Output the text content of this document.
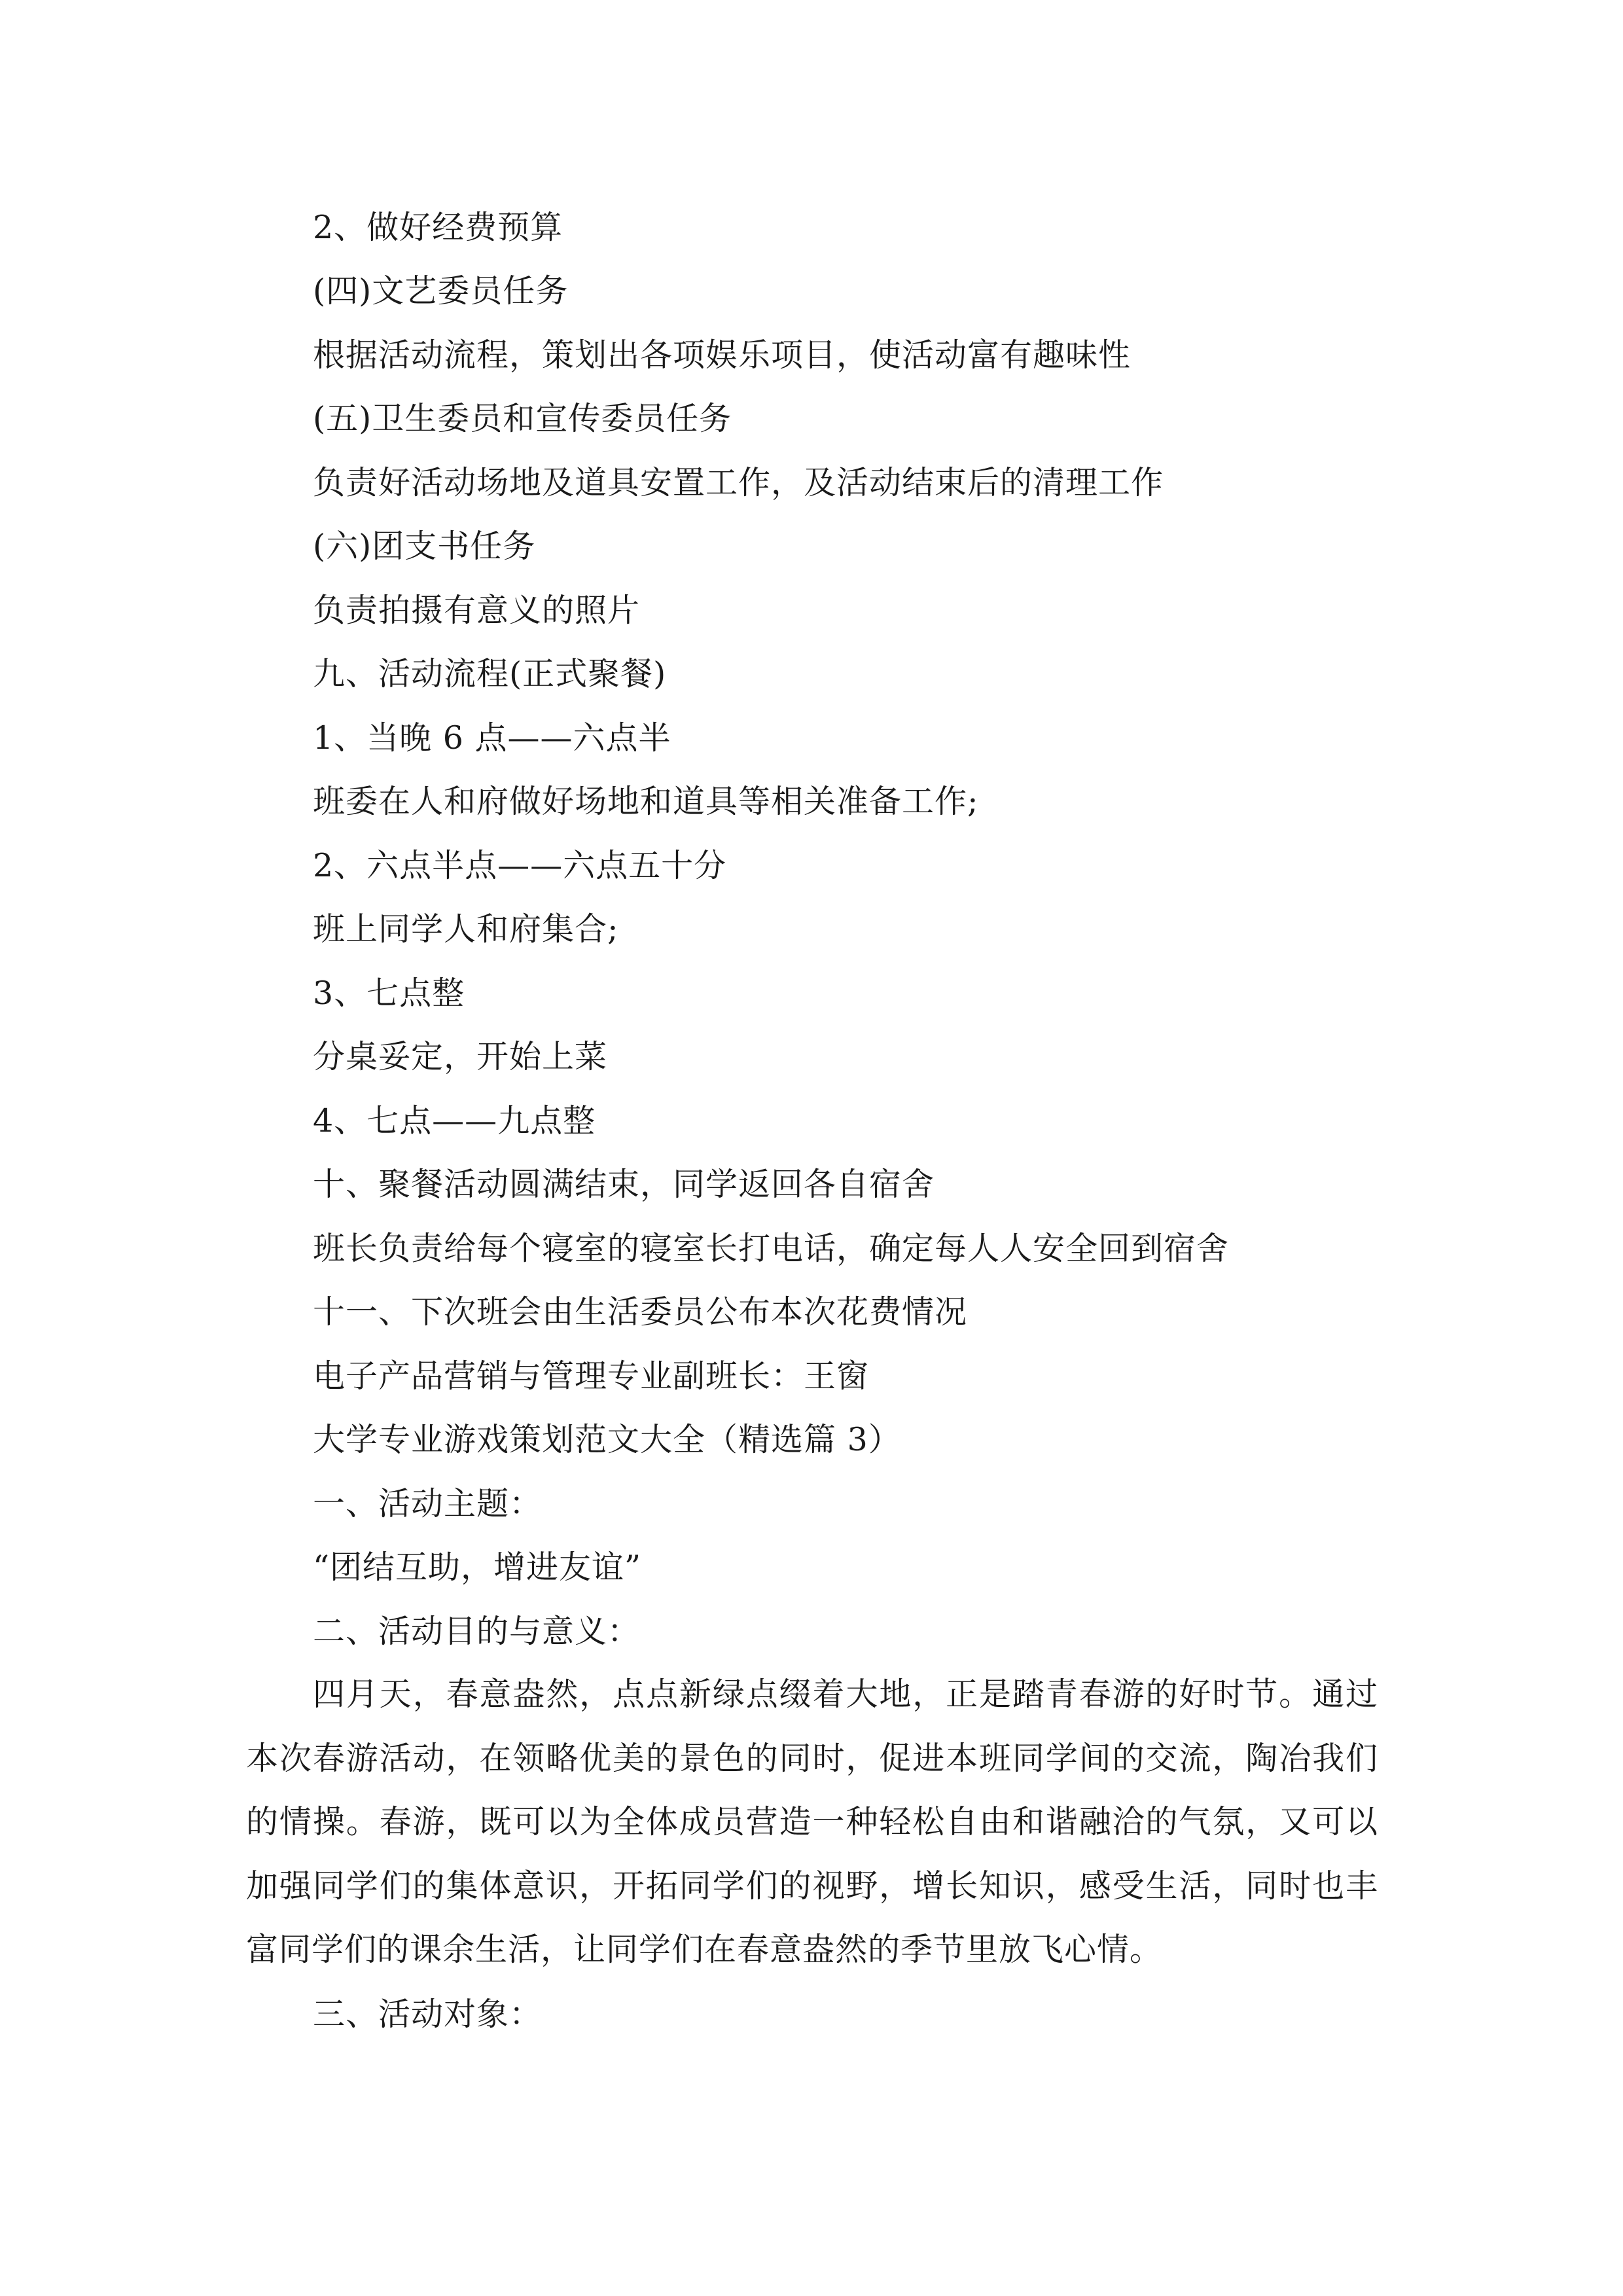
2、做好经费预算
(四)文艺委员任务
根据活动流程，策划出各项娱乐项目，使活动富有趣味性
(五)卫生委员和宣传委员任务
负责好活动场地及道具安置工作，及活动结束后的清理工作
(六)团支书任务
负责拍摄有意义的照片
九、活动流程(正式聚餐)
1、当晚 6 点——六点半
班委在人和府做好场地和道具等相关准备工作;
2、六点半点——六点五十分
班上同学人和府集合;
3、七点整
分桌妥定，开始上菜
4、七点——九点整
十、聚餐活动圆满结束，同学返回各自宿舍
班长负责给每个寝室的寝室长打电话，确定每人人安全回到宿舍
十一、下次班会由生活委员公布本次花费情况
电子产品营销与管理专业副班长：王窗
大学专业游戏策划范文大全（精选篇 3）
一、活动主题：
“团结互助，增进友谊”
二、活动目的与意义：
四月天，春意盎然，点点新绿点缀着大地，正是踏青春游的好时节。通过本次春游活动，在领略优美的景色的同时，促进本班同学间的交流，陶冶我们的情操。春游，既可以为全体成员营造一种轻松自由和谐融洽的气氛，又可以加强同学们的集体意识，开拓同学们的视野，增长知识，感受生活，同时也丰富同学们的课余生活，让同学们在春意盎然的季节里放飞心情。
三、活动对象：
